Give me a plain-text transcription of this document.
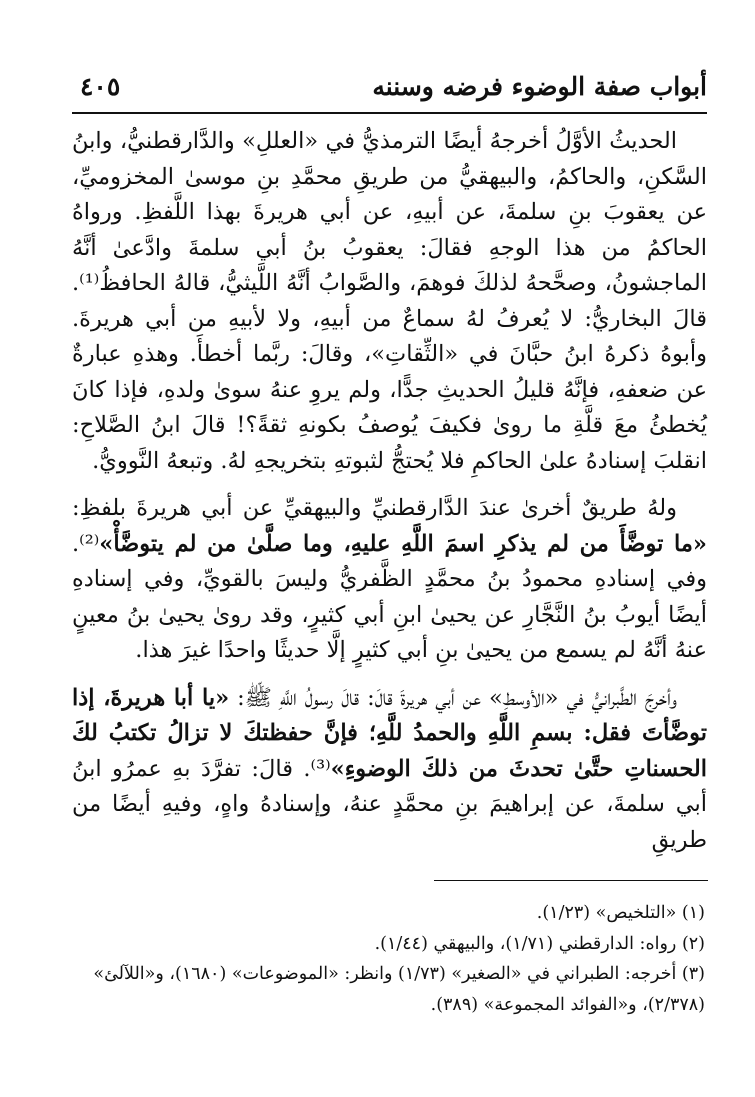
أبواب صفة الوضوء فرضه وسننه
٤٠٥

الحديثُ الأوَّلُ أخرجهُ أيضًا الترمذيُّ في «العللِ» والدَّارقطنيُّ، وابنُ السَّكنِ، والحاكمُ، والبيهقيُّ من طريقِ محمَّدِ بنِ موسىٰ المخزوميِّ، عن يعقوبَ بنِ سلمةَ، عن أبيهِ، عن أبي هريرةَ بهذا اللَّفظِ. ورواهُ الحاكمُ من هذا الوجهِ فقالَ: يعقوبُ بنُ أبي سلمةَ وادَّعىٰ أنَّهُ الماجشونُ، وصحَّحهُ لذلكَ فوهمَ، والصَّوابُ أنَّهُ اللَّيثيُّ، قالهُ الحافظُ⁽¹⁾. قالَ البخاريُّ: لا يُعرفُ لهُ سماعٌ من أبيهِ، ولا لأبيهِ من أبي هريرةَ. وأبوهُ ذكرهُ ابنُ حبَّانَ في «الثِّقاتِ»، وقالَ: ربَّما أخطأَ. وهذهِ عبارةٌ عن ضعفهِ، فإنَّهُ قليلُ الحديثِ جدًّا، ولم يروِ عنهُ سوىٰ ولدهِ، فإذا كانَ يُخطئُ معَ قلَّةِ ما روىٰ فكيفَ يُوصفُ بكونهِ ثقةً؟! قالَ ابنُ الصَّلاحِ: انقلبَ إسنادهُ علىٰ الحاكمِ فلا يُحتجُّ لثبوتهِ بتخريجهِ لهُ. وتبعهُ النَّوويُّ.

ولهُ طريقٌ أخرىٰ عندَ الدَّارقطنيِّ والبيهقيِّ عن أبي هريرةَ بلفظِ: «ما توضَّأَ من لم يذكرِ اسمَ اللَّهِ عليهِ، وما صلَّىٰ من لم يتوضَّأْ»⁽²⁾. وفي إسنادهِ محمودُ بنُ محمَّدٍ الظَّفريُّ وليسَ بالقويِّ، وفي إسنادهِ أيضًا أيوبُ بنُ النَّجَّارِ عن يحيىٰ ابنِ أبي كثيرٍ، وقد روىٰ يحيىٰ بنُ معينٍ عنهُ أنَّهُ لم يسمع من يحيىٰ بنِ أبي كثيرٍ إلَّا حديثًا واحدًا غيرَ هذا.

وأخرجَ الطَّبرانيُّ في «الأوسطِ» عن أبي هريرةَ قالَ: قالَ رسولُ اللَّهِ ﷺ: «يا أبا هريرةَ، إذا توضَّأتَ فقل: بسمِ اللَّهِ والحمدُ للَّهِ؛ فإنَّ حفظتكَ لا تزالُ تكتبُ لكَ الحسناتِ حتَّىٰ تحدثَ من ذلكَ الوضوءِ»⁽³⁾. قالَ: تفرَّدَ بهِ عمرُو ابنُ أبي سلمةَ، عن إبراهيمَ بنِ محمَّدٍ عنهُ، وإسنادهُ واهٍ، وفيهِ أيضًا من طريقِ

(١) «التلخيص» (١/٢٣).

(٢) رواه: الدارقطني (١/٧١)، والبيهقي (١/٤٤).

(٣) أخرجه: الطبراني في «الصغير» (١/٧٣) وانظر: «الموضوعات» (١٦٨٠)، و«اللآلئ» (٢/٣٧٨)، و«الفوائد المجموعة» (٣٨٩).
